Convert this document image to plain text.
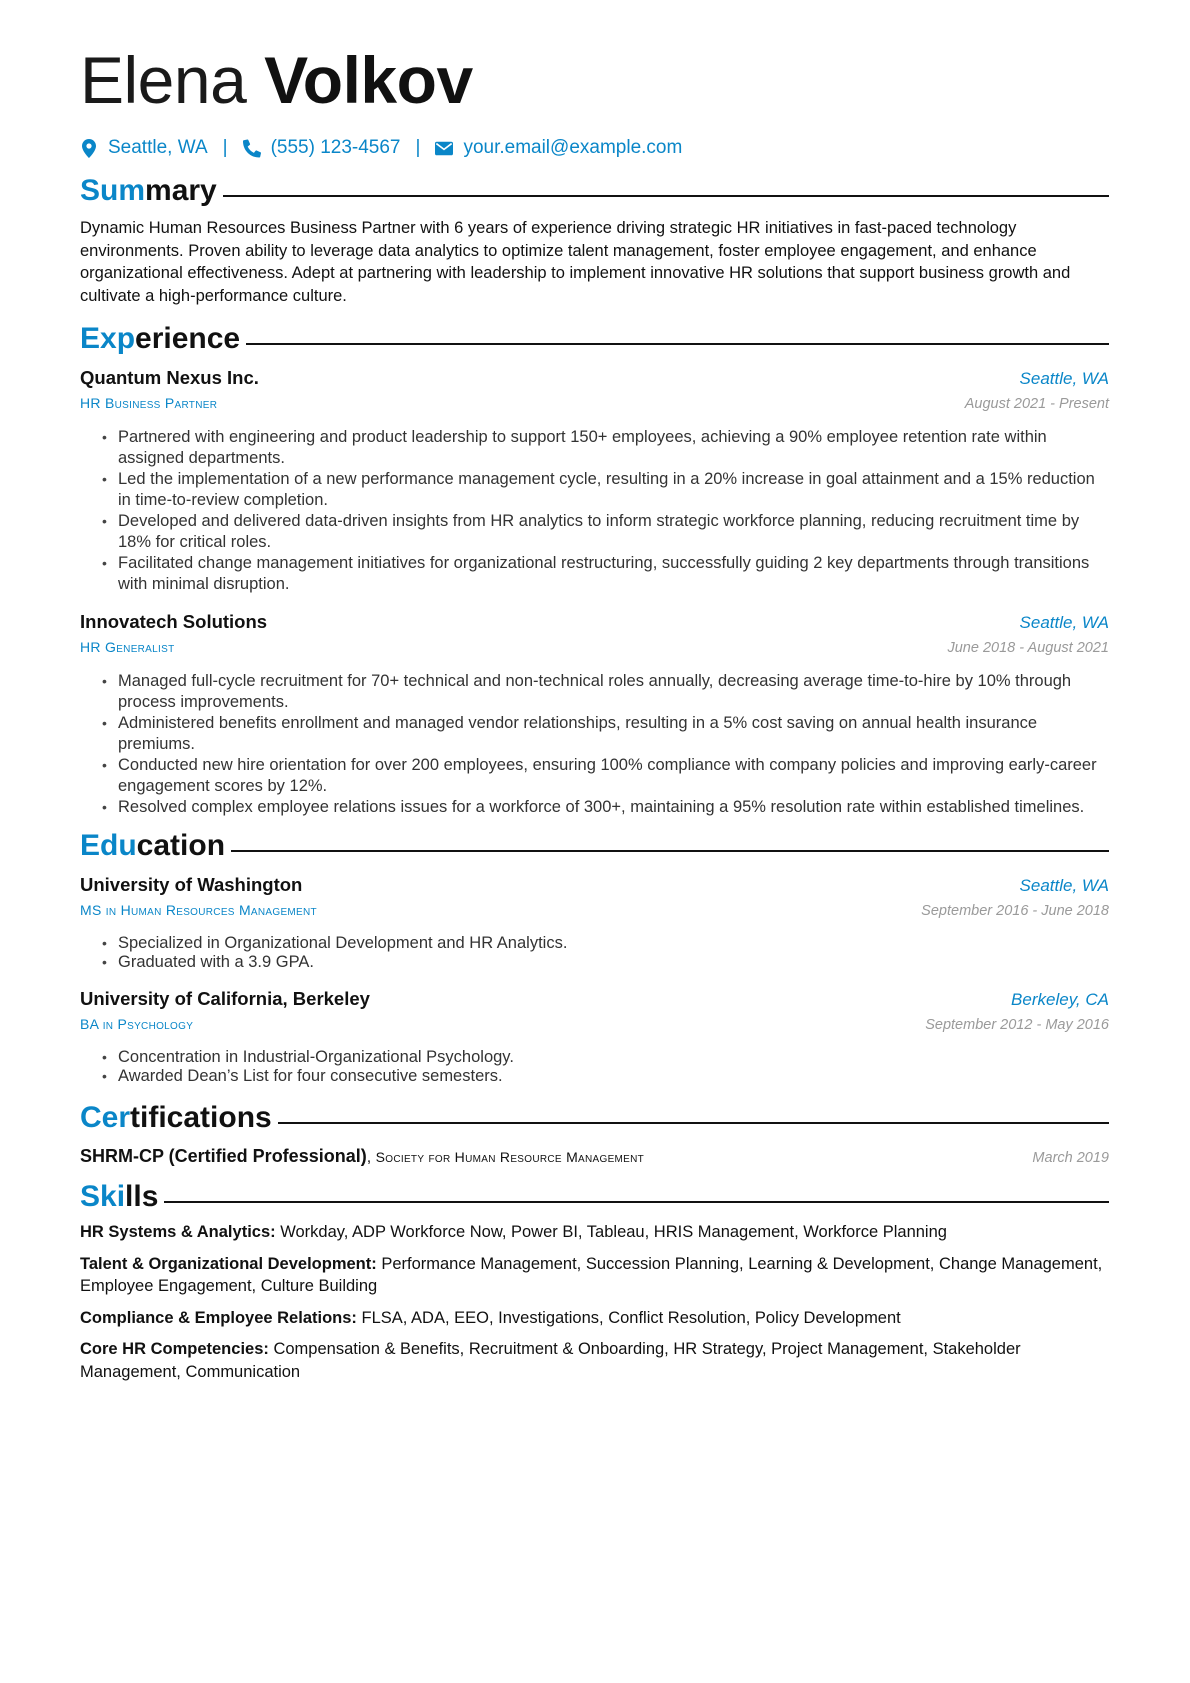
Elena Volkov
Seattle, WA | (555) 123-4567 | your.email@example.com
Summary

Dynamic Human Resources Business Partner with 6 years of experience driving strategic HR initiatives in fast-paced technology environments. Proven ability to leverage data analytics to optimize talent management, foster employee engagement, and enhance organizational effectiveness. Adept at partnering with leadership to implement innovative HR solutions that support business growth and cultivate a high-performance culture.

Experience
Quantum Nexus Inc.	Seattle, WA
HR Business Partner	August 2021 - Present
• Partnered with engineering and product leadership to support 150+ employees, achieving a 90% employee retention rate within assigned departments.
• Led the implementation of a new performance management cycle, resulting in a 20% increase in goal attainment and a 15% reduction in time-to-review completion.
• Developed and delivered data-driven insights from HR analytics to inform strategic workforce planning, reducing recruitment time by 18% for critical roles.
• Facilitated change management initiatives for organizational restructuring, successfully guiding 2 key departments through transitions with minimal disruption.
Innovatech Solutions	Seattle, WA
HR Generalist	June 2018 - August 2021
• Managed full-cycle recruitment for 70+ technical and non-technical roles annually, decreasing average time-to-hire by 10% through process improvements.
• Administered benefits enrollment and managed vendor relationships, resulting in a 5% cost saving on annual health insurance premiums.
• Conducted new hire orientation for over 200 employees, ensuring 100% compliance with company policies and improving early-career engagement scores by 12%.
• Resolved complex employee relations issues for a workforce of 300+, maintaining a 95% resolution rate within established timelines.
Education
University of Washington	Seattle, WA
MS in Human Resources Management	September 2016 - June 2018
• Specialized in Organizational Development and HR Analytics.
• Graduated with a 3.9 GPA.
University of California, Berkeley	Berkeley, CA
BA in Psychology	September 2012 - May 2016
• Concentration in Industrial-Organizational Psychology.
• Awarded Dean’s List for four consecutive semesters.
Certifications
SHRM-CP (Certified Professional), Society for Human Resource Management	March 2019
Skills
HR Systems & Analytics: Workday, ADP Workforce Now, Power BI, Tableau, HRIS Management, Workforce Planning
Talent & Organizational Development: Performance Management, Succession Planning, Learning & Development, Change Management, Employee Engagement, Culture Building
Compliance & Employee Relations: FLSA, ADA, EEO, Investigations, Conflict Resolution, Policy Development
Core HR Competencies: Compensation & Benefits, Recruitment & Onboarding, HR Strategy, Project Management, Stakeholder Management, Communication
